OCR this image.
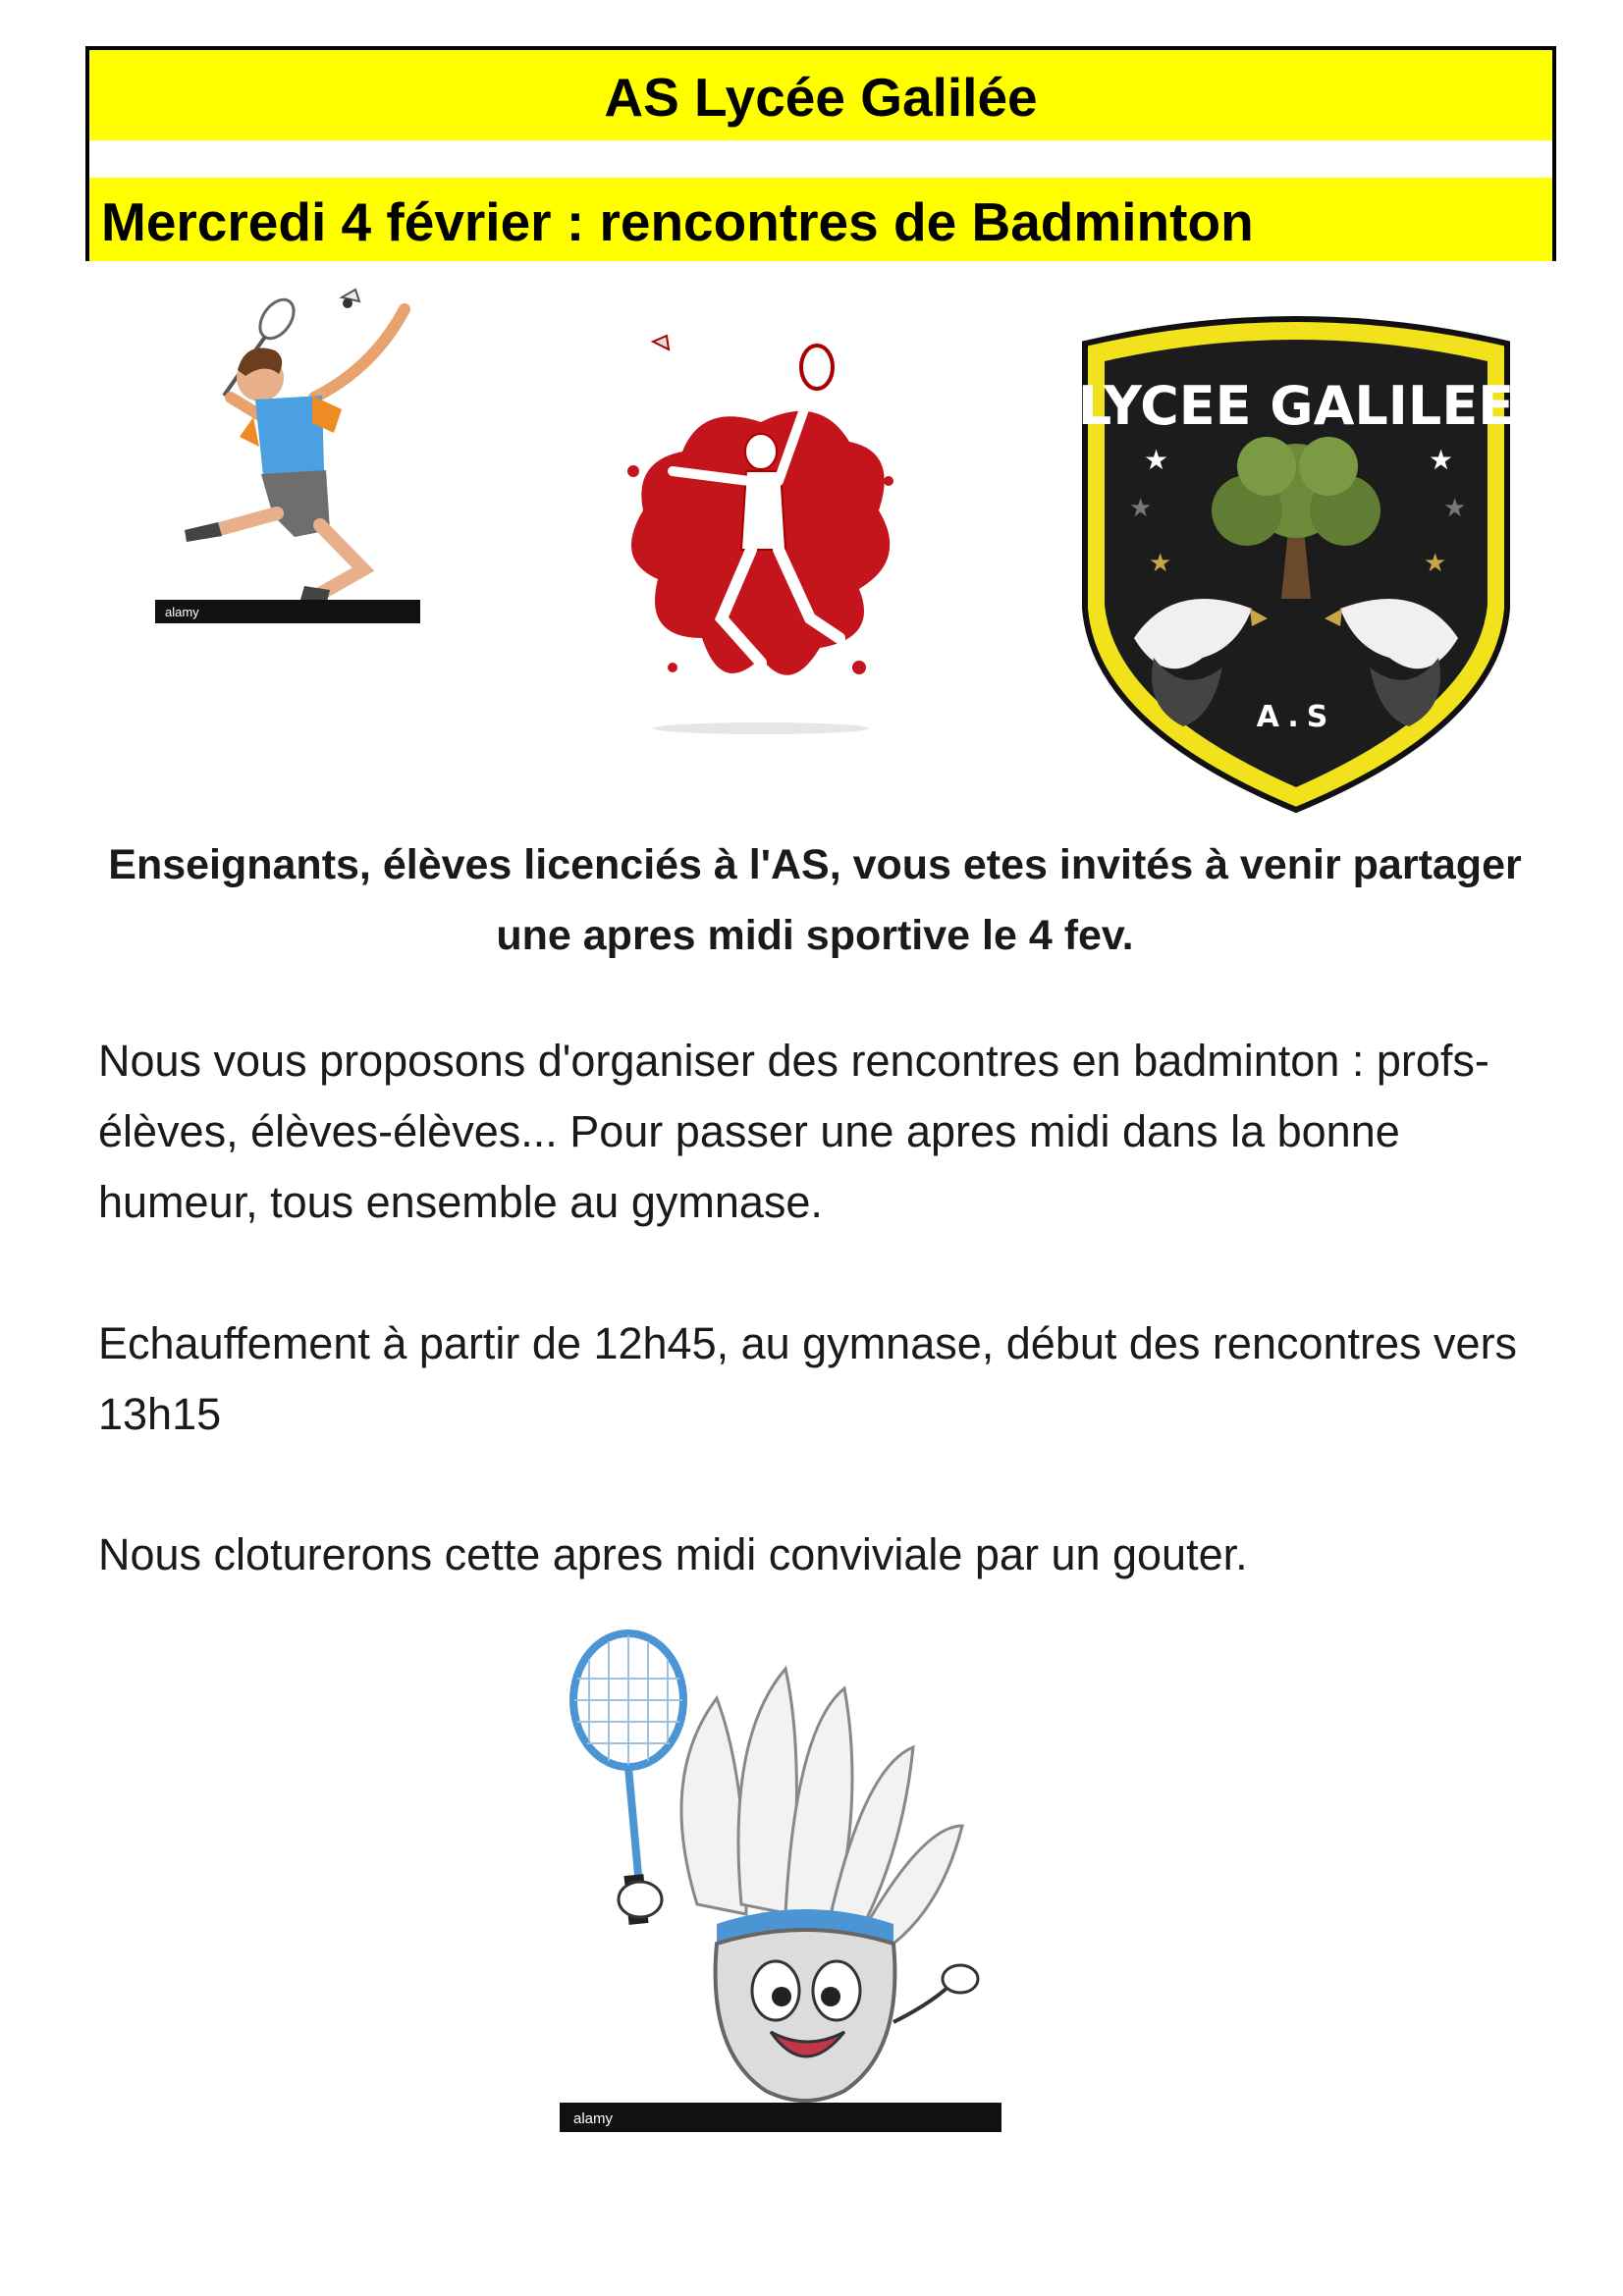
AS Lycée Galilée
Mercredi 4 février : rencontres de Badminton
alamy
LYCEE GALILEE
★	★
★	★
★	★
A.S
Enseignants, élèves licenciés à l'AS, vous etes invités à venir partager une apres midi sportive le 4 fev.
Nous vous proposons d'organiser des rencontres en badminton : profs-élèves, élèves-élèves... Pour passer une apres midi dans la bonne humeur, tous ensemble au gymnase.
Echauffement à partir de 12h45, au gymnase, début des rencontres vers 13h15
Nous cloturerons cette apres midi conviviale par un gouter.
alamy
